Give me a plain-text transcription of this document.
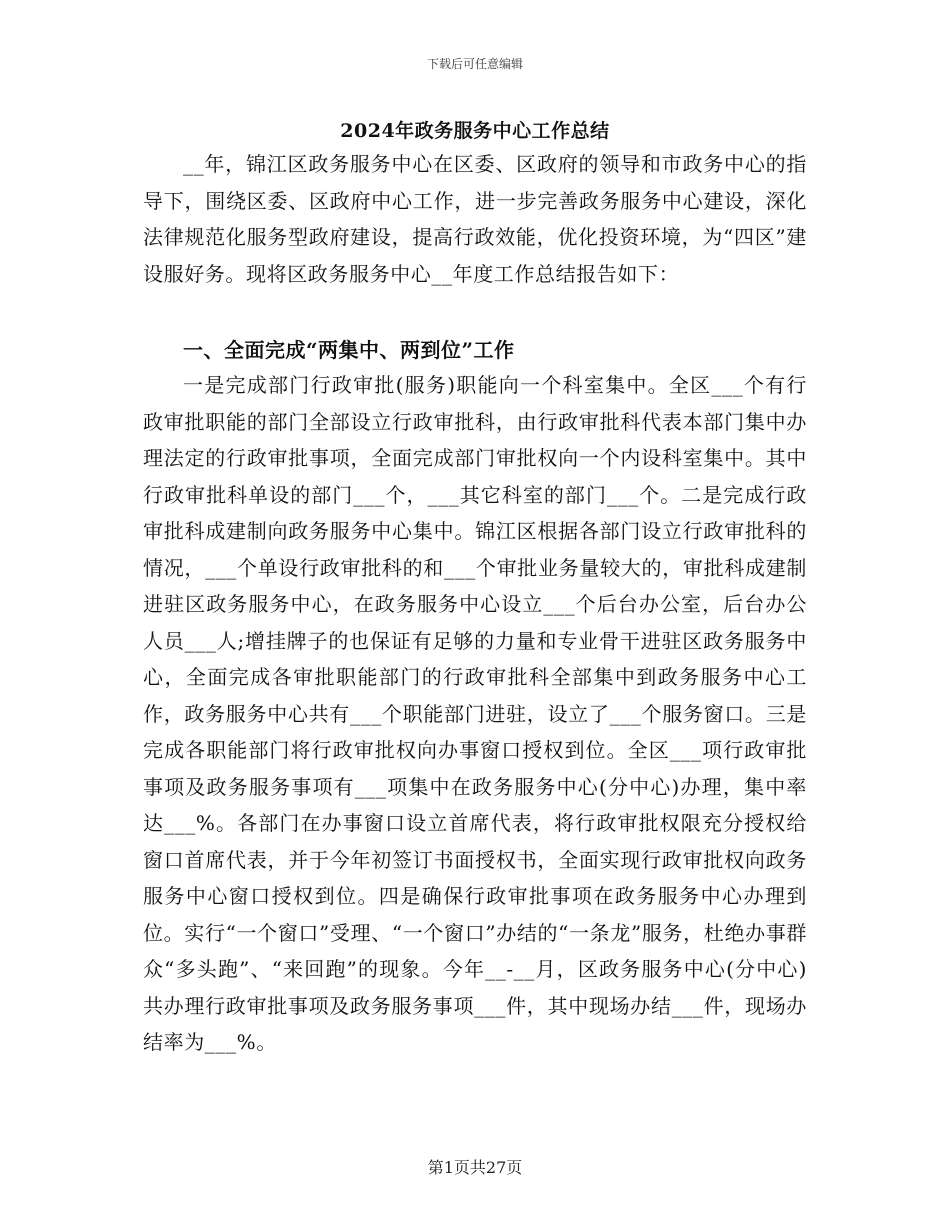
下载后可任意编辑
2024年政务服务中心工作总结

__年，锦江区政务服务中心在区委、区政府的领导和市政务中心的指导下，围绕区委、区政府中心工作，进一步完善政务服务中心建设，深化法律规范化服务型政府建设，提高行政效能，优化投资环境，为“四区”建设服好务。现将区政务服务中心__年度工作总结报告如下：

一、全面完成“两集中、两到位”工作

一是完成部门行政审批(服务)职能向一个科室集中。全区___个有行政审批职能的部门全部设立行政审批科，由行政审批科代表本部门集中办理法定的行政审批事项，全面完成部门审批权向一个内设科室集中。其中行政审批科单设的部门___个，___其它科室的部门___个。二是完成行政审批科成建制向政务服务中心集中。锦江区根据各部门设立行政审批科的情况，___个单设行政审批科的和___个审批业务量较大的，审批科成建制进驻区政务服务中心，在政务服务中心设立___个后台办公室，后台办公人员___人;增挂牌子的也保证有足够的力量和专业骨干进驻区政务服务中心，全面完成各审批职能部门的行政审批科全部集中到政务服务中心工作，政务服务中心共有___个职能部门进驻，设立了___个服务窗口。三是完成各职能部门将行政审批权向办事窗口授权到位。全区___项行政审批事项及政务服务事项有___项集中在政务服务中心(分中心)办理，集中率达___%。各部门在办事窗口设立首席代表，将行政审批权限充分授权给窗口首席代表，并于今年初签订书面授权书，全面实现行政审批权向政务服务中心窗口授权到位。四是确保行政审批事项在政务服务中心办理到位。实行“一个窗口”受理、“一个窗口”办结的“一条龙”服务，杜绝办事群众“多头跑”、“来回跑”的现象。今年__-__月，区政务服务中心(分中心)共办理行政审批事项及政务服务事项___件，其中现场办结___件，现场办结率为___%。

第1页共27页
